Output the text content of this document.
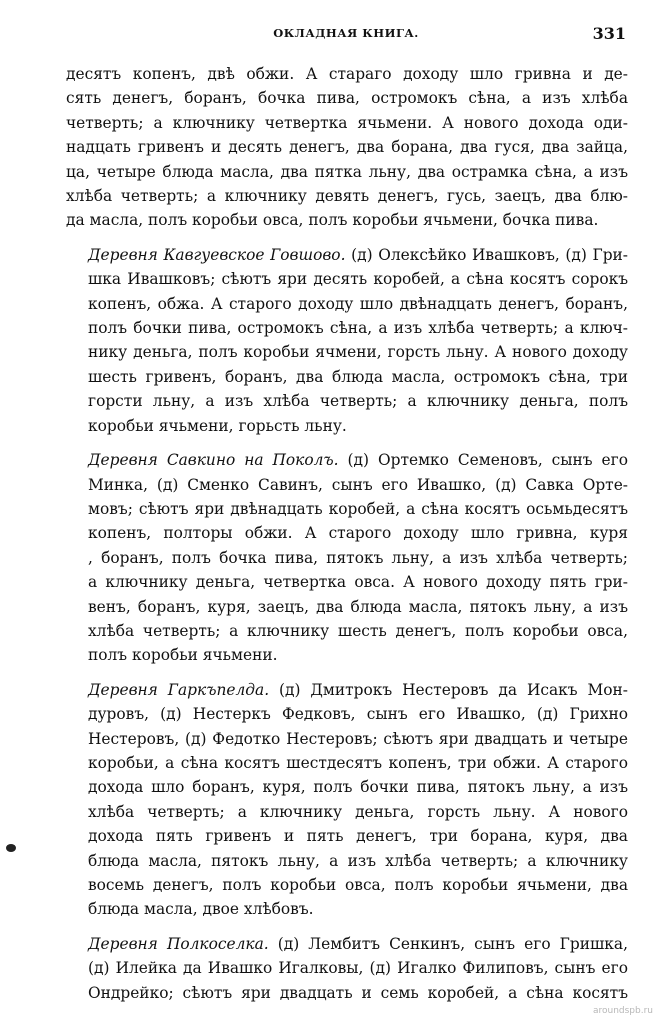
ОКЛАДНАЯ КНИГА.	331
десятъ копенъ, двѣ обжи. А стараго доходу шло гривна и де-
сять денегъ, боранъ, бочка пива, остромокъ сѣна, а изъ хлѣба
четверть; а ключнику четвертка ячьмени. А нового дохода оди-
надцать гривенъ и десять денегъ, два борана, два гуся, два зайца,
цa, четыре блюда масла, два пятка льну, два острамка сѣна, а изъ
хлѣба четверть; а ключнику девять денегъ, гусь, заецъ, два блю-
да масла, полъ коробьи овса, полъ коробьи ячьмени, бочка пива.
Деревня Кавгуевское Говшово. (д) Олексѣйко Ивашковъ, (д) Гри-
шка Ивашковъ; сѣютъ яри десять коробей, а сѣна косятъ сорокъ
копенъ, обжа. А старого доходу шло двѣнадцать денегъ, боранъ,
полъ бочки пива, остромокъ сѣна, а изъ хлѣба четверть; а ключ-
нику деньга, полъ коробьи ячмени, горсть льну. А нового доходу
шесть гривенъ, боранъ, два блюда масла, остромокъ сѣна, три
горсти льну, а изъ хлѣба четверть; а ключнику деньга, полъ
коробьи ячьмени, горьсть льну.
Деревня Савкино на Поколъ. (д) Ортемко Семеновъ, сынъ его
Минка, (д) Сменко Савинъ, сынъ его Ивашко, (д) Савка Орте-
мовъ; сѣютъ яри двѣнадцать коробей, а сѣна косятъ осьмьдесятъ
копенъ, полторы обжи. А старого доходу шло гривна, куря
, боранъ, полъ бочка пива, пятокъ льну, а изъ хлѣба четверть;
а ключнику деньга, четвертка овса. А нового доходу пять гри-
венъ, боранъ, куря, заецъ, два блюда масла, пятокъ льну, а изъ
хлѣба четверть; а ключнику шесть денегъ, полъ коробьи овса,
полъ коробьи ячьмени.
Деревня Гаркъпелда. (д) Дмитрокъ Нестеровъ да Исакъ Мон-
дуровъ, (д) Нестеркъ Федковъ, сынъ его Ивашко, (д) Грихно
Нестеровъ, (д) Федотко Нестеровъ; сѣютъ яри двадцать и четыре
коробьи, а сѣна косятъ шестдесятъ копенъ, три обжи. А старого
дохода шло боранъ, куря, полъ бочки пива, пятокъ льну, а изъ
хлѣба четверть; а ключнику деньга, горсть льну. А нового
дохода пять гривенъ и пять денегъ, три борана, куря, два
блюда масла, пятокъ льну, а изъ хлѣба четверть; а ключнику
восемь денегъ, полъ коробьи овса, полъ коробьи ячьмени, два
блюда масла, двое хлѣбовъ.
Деревня Полкоселка. (д) Лембитъ Сенкинъ, сынъ его Гришка,
(д) Илейка да Ивашко Игалковы, (д) Игалко Филиповъ, сынъ его
Ондрейко; сѣютъ яри двадцать и семь коробей, а сѣна косятъ
aroundspb.ru
